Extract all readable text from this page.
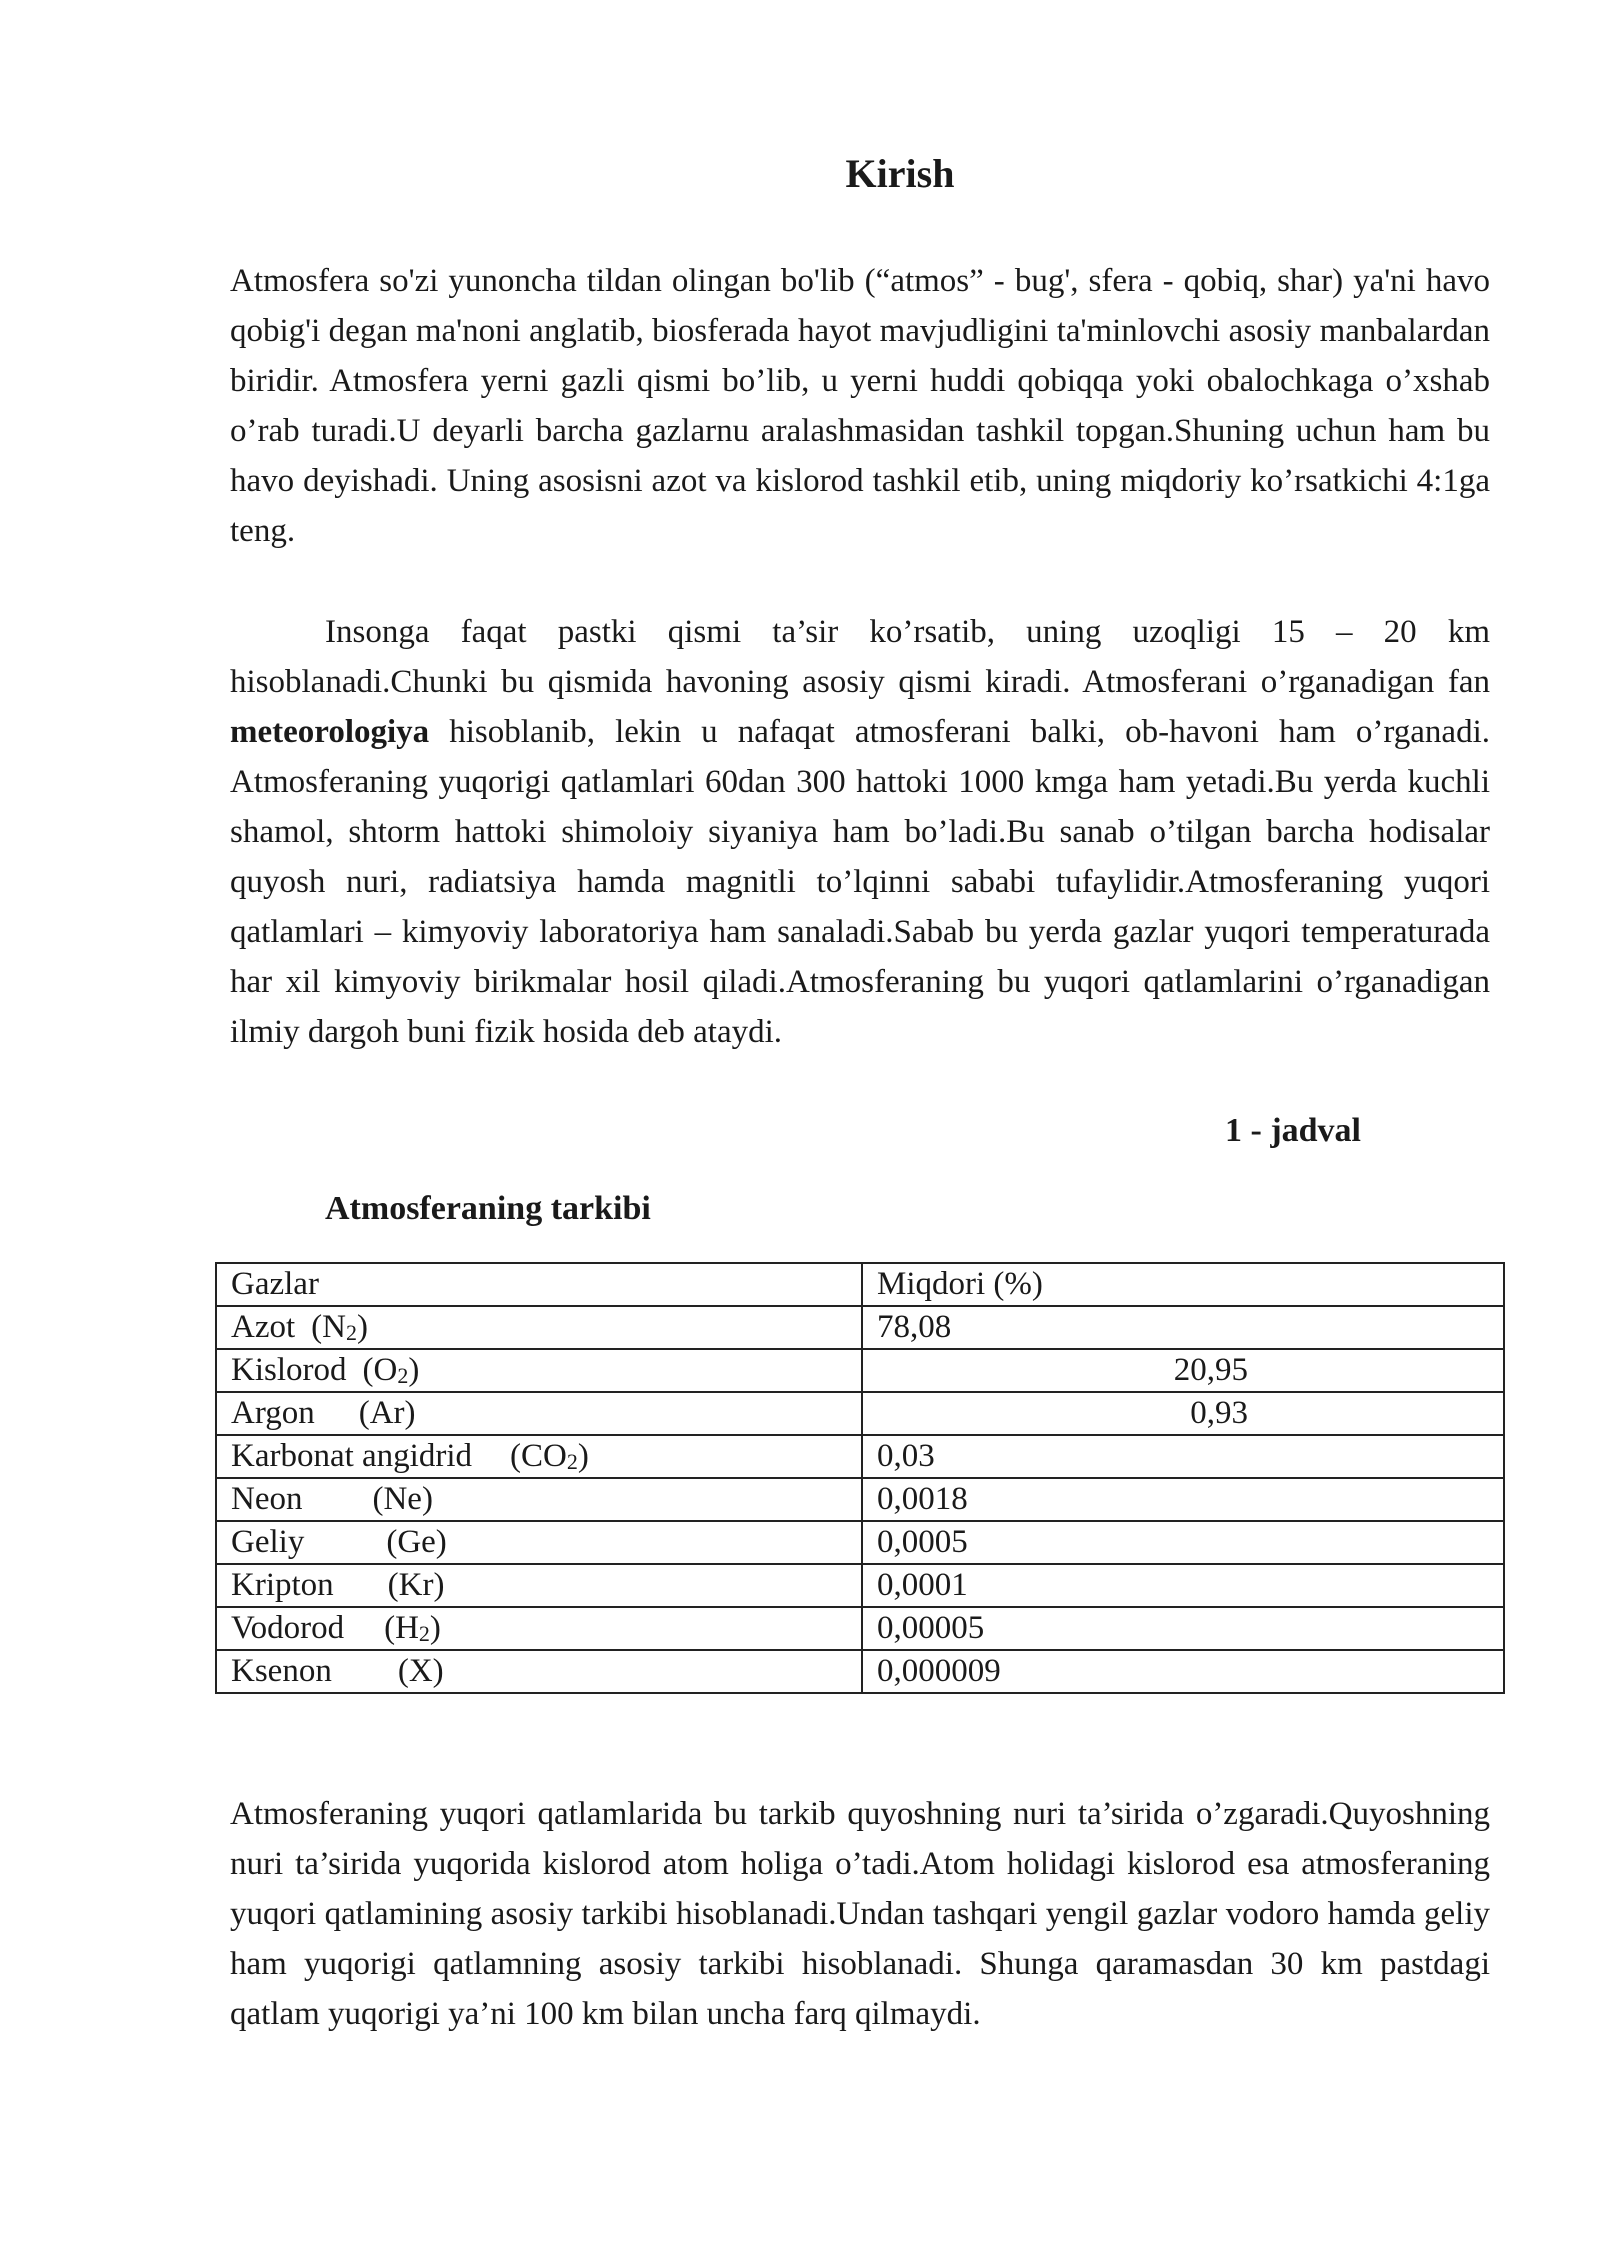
Kirish

Atmosfera so'zi yunoncha tildan olingan bo'lib (“atmos” - bug', sfera - qobiq, shar) ya'ni havo qobig'i degan ma'noni anglatib, biosferada hayot mavjudligini ta'minlovchi asosiy manbalardan biridir. Atmosfera yerni gazli qismi bo’lib, u yerni huddi qobiqqa yoki obalochkaga o’xshab o’rab turadi.U deyarli barcha gazlarnu aralashmasidan tashkil topgan.Shuning uchun ham bu havo deyishadi. Uning asosisni azot va kislorod tashkil etib, uning miqdoriy ko’rsatkichi 4:1ga teng.

Insonga faqat pastki qismi ta’sir ko’rsatib, uning uzoqligi 15 – 20 km hisoblanadi.Chunki bu qismida havoning asosiy qismi kiradi. Atmosferani o’rganadigan fan meteorologiya hisoblanib, lekin u nafaqat atmosferani balki, ob-havoni ham o’rganadi. Atmosferaning yuqorigi qatlamlari 60dan 300 hattoki 1000 kmga ham yetadi.Bu yerda kuchli shamol, shtorm hattoki shimoloiy siyaniya ham bo’ladi.Bu sanab o’tilgan barcha hodisalar quyosh nuri, radiatsiya hamda magnitli to’lqinni sababi tufaylidir.Atmosferaning yuqori qatlamlari – kimyoviy laboratoriya ham sanaladi.Sabab bu yerda gazlar yuqori temperaturada har xil kimyoviy birikmalar hosil qiladi.Atmosferaning bu yuqori qatlamlarini o’rganadigan ilmiy dargoh buni fizik hosida deb ataydi.

1 - jadval

Atmosferaning tarkibi

Gazlar	Miqdori (%)
Azot $(N_2)$	78,08
Kislorod $(O_2)$	20,95
Argon (Ar)	0,93
Karbonat angidrid $(CO_2)$	0,03
Neon (Ne)	0,0018
Geliy (Ge)	0,0005
Kripton (Kr)	0,0001
Vodorod $(H_2)$	0,00005
Ksenon (X)	0,000009

Atmosferaning yuqori qatlamlarida bu tarkib quyoshning nuri ta’sirida o’zgaradi.Quyoshning nuri ta’sirida yuqorida kislorod atom holiga o’tadi.Atom holidagi kislorod esa atmosferaning yuqori qatlamining asosiy tarkibi hisoblanadi.Undan tashqari yengil gazlar vodoro hamda geliy ham yuqorigi qatlamning asosiy tarkibi hisoblanadi. Shunga qaramasdan 30 km pastdagi qatlam yuqorigi ya’ni 100 km bilan uncha farq qilmaydi.
